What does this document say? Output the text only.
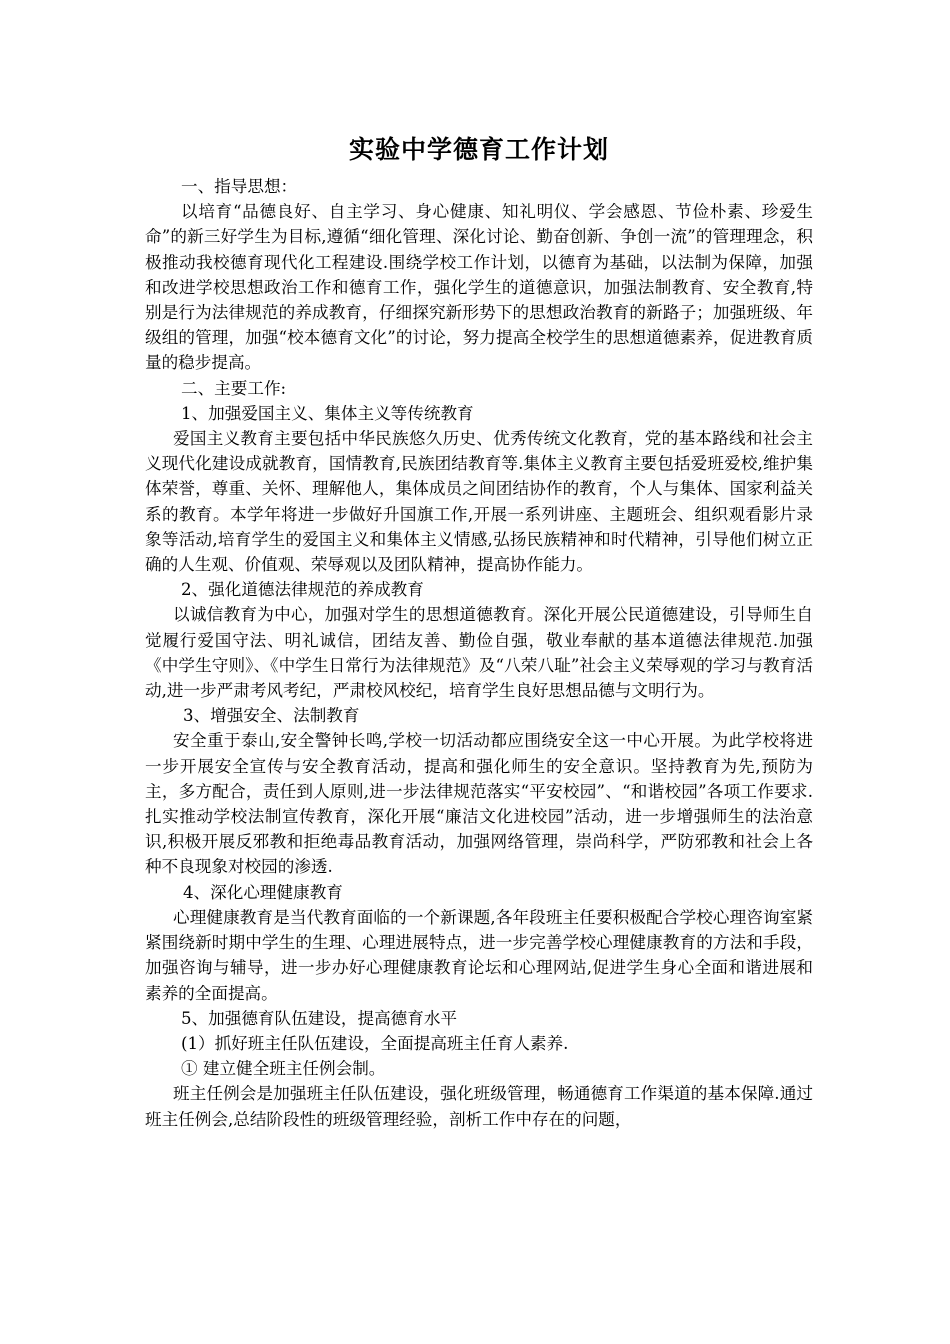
实验中学德育工作计划

一、指导思想：

以培育“品德良好、自主学习、身心健康、知礼明仪、学会感恩、节俭朴素、珍爱生命”的新三好学生为目标,遵循“细化管理、深化讨论、勤奋创新、争创一流”的管理理念，积极推动我校德育现代化工程建设.围绕学校工作计划，以德育为基础，以法制为保障，加强和改进学校思想政治工作和德育工作，强化学生的道德意识，加强法制教育、安全教育,特别是行为法律规范的养成教育，仔细探究新形势下的思想政治教育的新路子；加强班级、年级组的管理，加强“校本德育文化”的讨论，努力提高全校学生的思想道德素养，促进教育质量的稳步提高。

二、主要工作:

1、加强爱国主义、集体主义等传统教育

爱国主义教育主要包括中华民族悠久历史、优秀传统文化教育，党的基本路线和社会主义现代化建设成就教育，国情教育,民族团结教育等.集体主义教育主要包括爱班爱校,维护集体荣誉，尊重、关怀、理解他人，集体成员之间团结协作的教育，个人与集体、国家利益关系的教育。本学年将进一步做好升国旗工作,开展一系列讲座、主题班会、组织观看影片录象等活动,培育学生的爱国主义和集体主义情感,弘扬民族精神和时代精神，引导他们树立正确的人生观、价值观、荣辱观以及团队精神，提高协作能力。

2、强化道德法律规范的养成教育

以诚信教育为中心，加强对学生的思想道德教育。深化开展公民道德建设，引导师生自觉履行爱国守法、明礼诚信，团结友善、勤俭自强，敬业奉献的基本道德法律规范.加强《中学生守则》、《中学生日常行为法律规范》及“八荣八耻”社会主义荣辱观的学习与教育活动,进一步严肃考风考纪，严肃校风校纪，培育学生良好思想品德与文明行为。

3、增强安全、法制教育

安全重于泰山,安全警钟长鸣,学校一切活动都应围绕安全这一中心开展。为此学校将进一步开展安全宣传与安全教育活动，提高和强化师生的安全意识。坚持教育为先,预防为主，多方配合，责任到人原则,进一步法律规范落实“平安校园”、“和谐校园”各项工作要求.扎实推动学校法制宣传教育，深化开展“廉洁文化进校园”活动，进一步增强师生的法治意识,积极开展反邪教和拒绝毒品教育活动，加强网络管理，崇尚科学，严防邪教和社会上各种不良现象对校园的渗透.

4、深化心理健康教育

心理健康教育是当代教育面临的一个新课题,各年段班主任要积极配合学校心理咨询室紧紧围绕新时期中学生的生理、心理进展特点，进一步完善学校心理健康教育的方法和手段，加强咨询与辅导，进一步办好心理健康教育论坛和心理网站,促进学生身心全面和谐进展和素养的全面提高。

5、加强德育队伍建设，提高德育水平

(1）抓好班主任队伍建设，全面提高班主任育人素养.

① 建立健全班主任例会制。

班主任例会是加强班主任队伍建设，强化班级管理，畅通德育工作渠道的基本保障.通过班主任例会,总结阶段性的班级管理经验，剖析工作中存在的问题，
